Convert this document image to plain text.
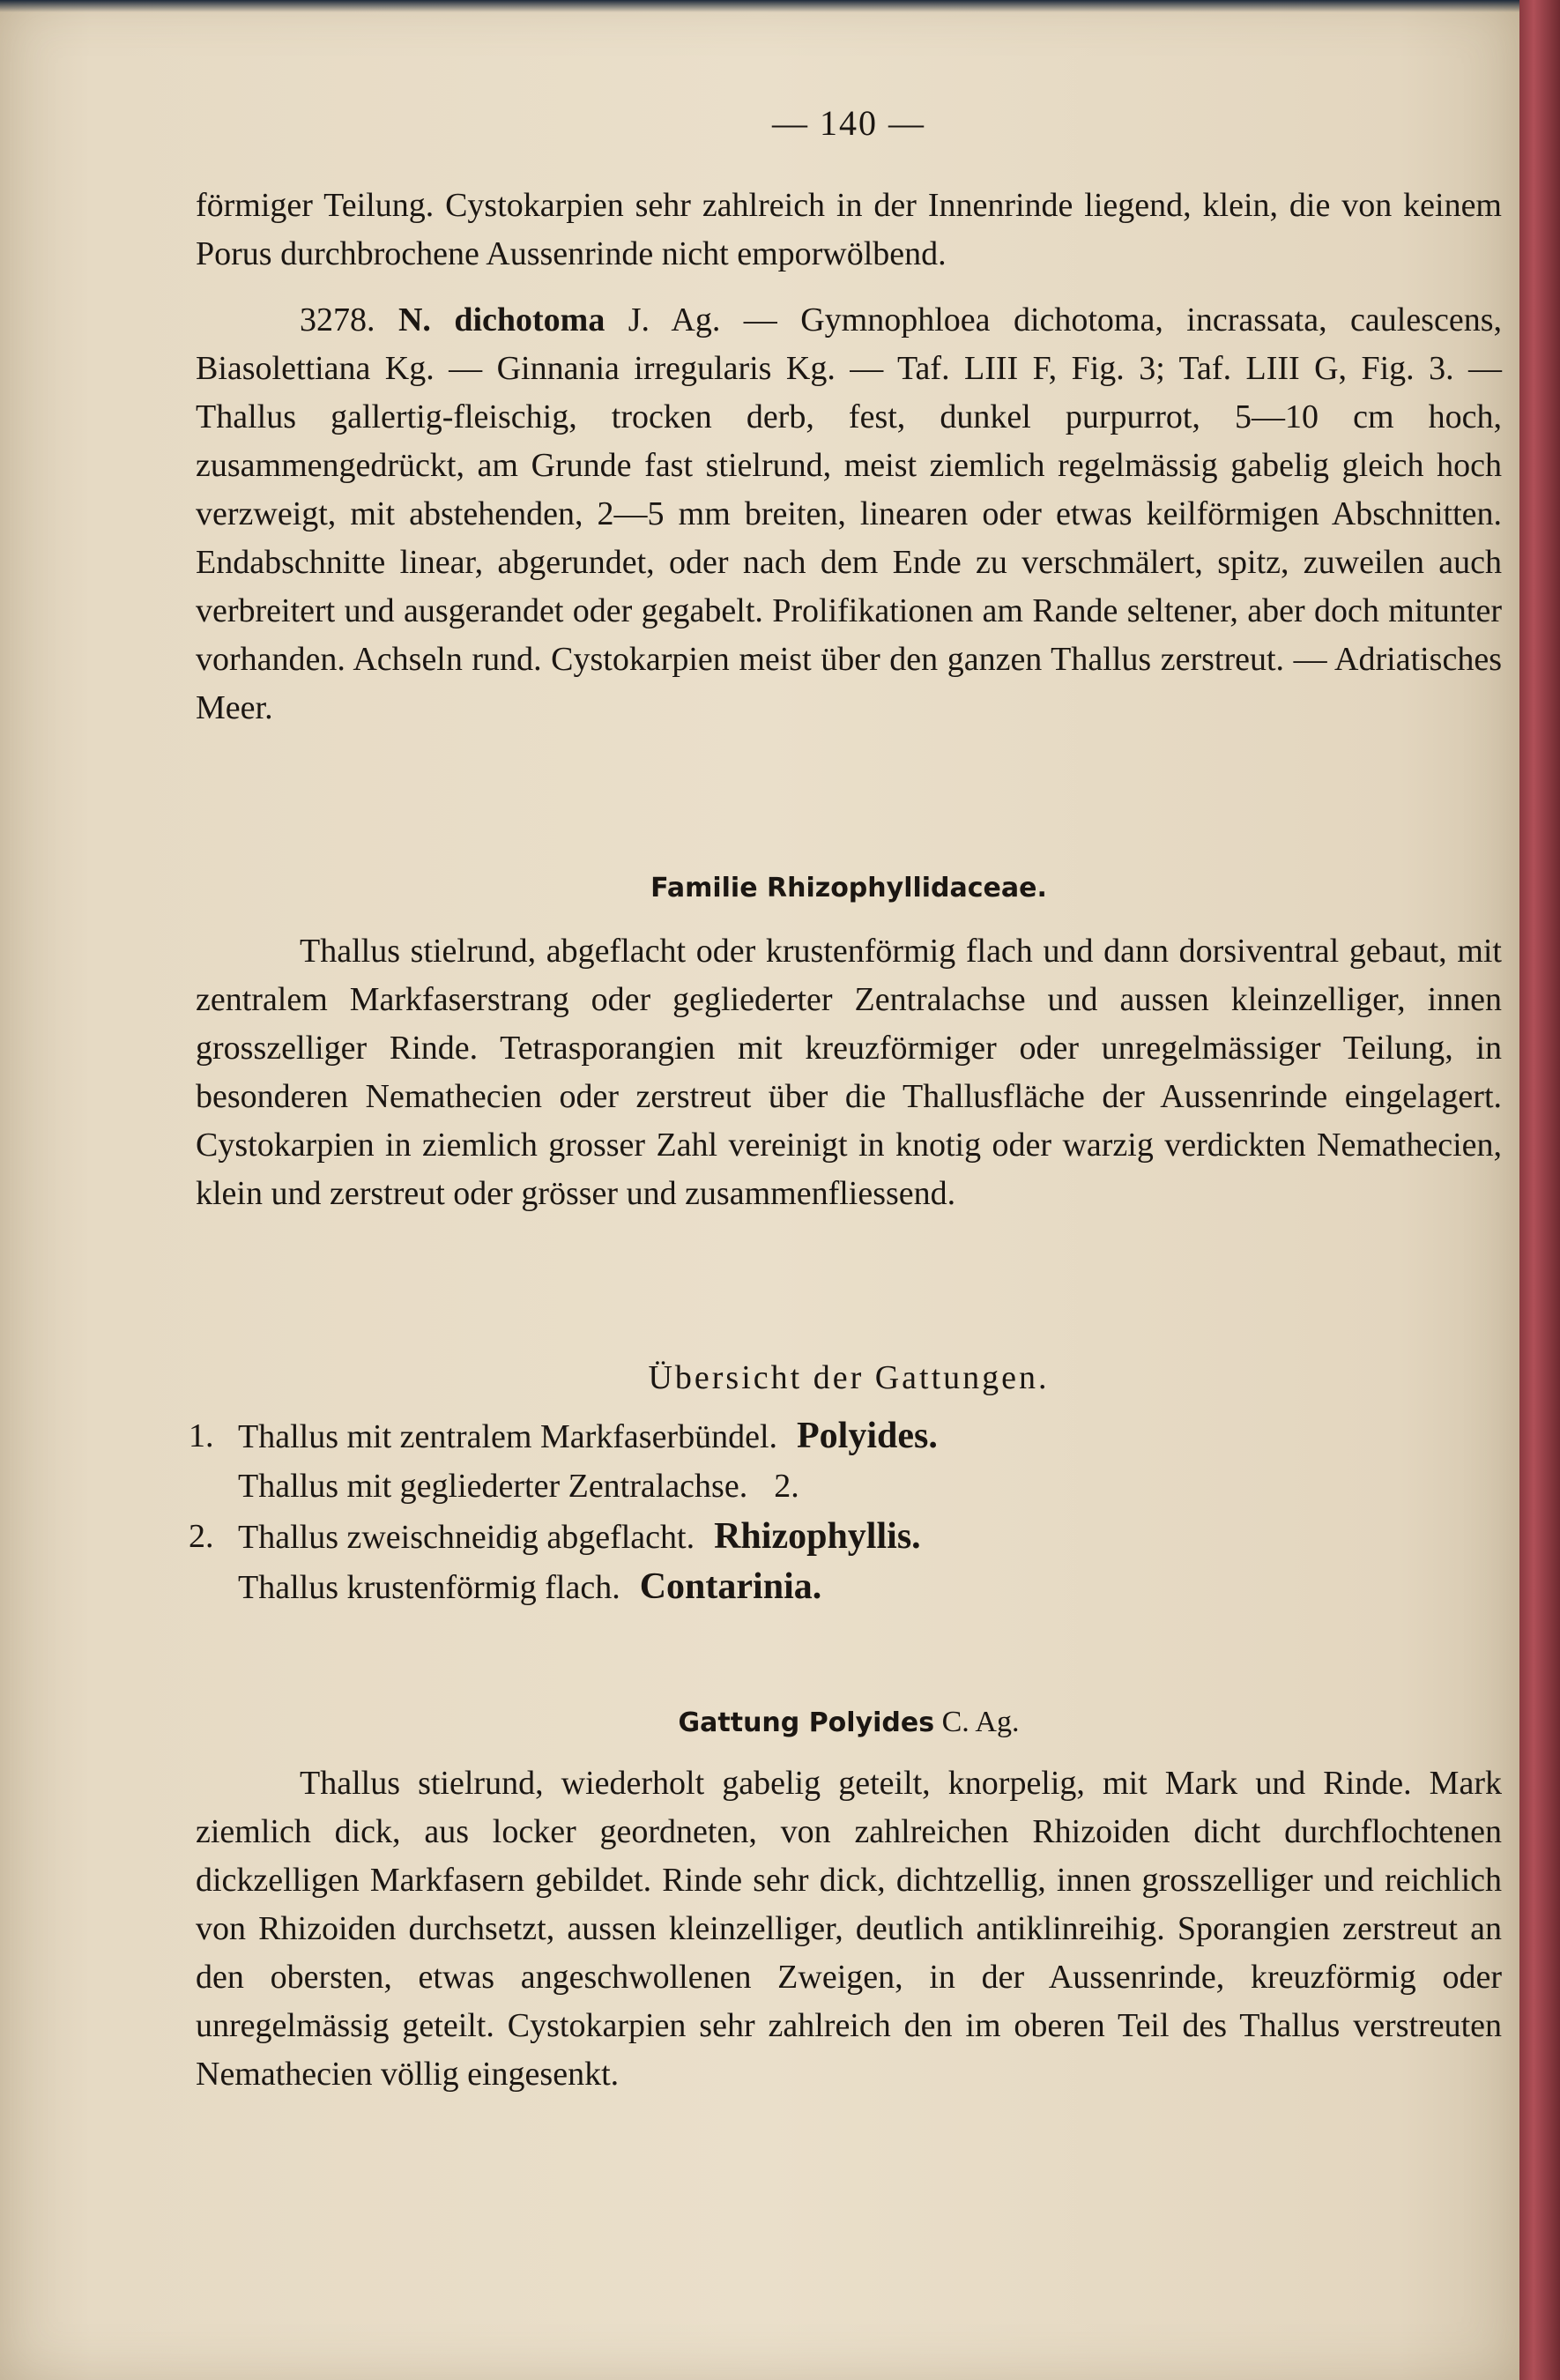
— 140 —

förmiger Teilung. Cystokarpien sehr zahlreich in der Innenrinde liegend, klein, die von keinem Porus durchbrochene Aussenrinde nicht emporwölbend.

3278. N. dichotoma J. Ag. — Gymnophloea dichotoma, incrassata, caulescens, Biasolettiana Kg. — Ginnania irregularis Kg. — Taf. LIII F, Fig. 3; Taf. LIII G, Fig. 3. — Thallus gallertig-fleischig, trocken derb, fest, dunkel purpurrot, 5—10 cm hoch, zusammengedrückt, am Grunde fast stielrund, meist ziemlich regelmässig gabelig gleich hoch verzweigt, mit abstehenden, 2—5 mm breiten, linearen oder etwas keilförmigen Abschnitten. Endabschnitte linear, abgerundet, oder nach dem Ende zu verschmälert, spitz, zuweilen auch verbreitert und ausgerandet oder gegabelt. Prolifikationen am Rande seltener, aber doch mitunter vorhanden. Achseln rund. Cystokarpien meist über den ganzen Thallus zerstreut. — Adriatisches Meer.

Familie Rhizophyllidaceae.

Thallus stielrund, abgeflacht oder krustenförmig flach und dann dorsiventral gebaut, mit zentralem Markfaserstrang oder gegliederter Zentralachse und aussen kleinzelliger, innen grosszelliger Rinde. Tetrasporangien mit kreuzförmiger oder unregelmässiger Teilung, in besonderen Nemathecien oder zerstreut über die Thallusfläche der Aussenrinde eingelagert. Cystokarpien in ziemlich grosser Zahl vereinigt in knotig oder warzig verdickten Nemathecien, klein und zerstreut oder grösser und zusammenfliessend.

Übersicht der Gattungen.
1. Thallus mit zentralem Markfaserbündel. Polyides.
Thallus mit gegliederter Zentralachse. 2.
2. Thallus zweischneidig abgeflacht. Rhizophyllis.
Thallus krustenförmig flach. Contarinia.
Gattung Polyides C. Ag.

Thallus stielrund, wiederholt gabelig geteilt, knorpelig, mit Mark und Rinde. Mark ziemlich dick, aus locker geordneten, von zahlreichen Rhizoiden dicht durchflochtenen dickzelligen Markfasern gebildet. Rinde sehr dick, dichtzellig, innen grosszelliger und reichlich von Rhizoiden durchsetzt, aussen kleinzelliger, deutlich antiklinreihig. Sporangien zerstreut an den obersten, etwas angeschwollenen Zweigen, in der Aussenrinde, kreuzförmig oder unregelmässig geteilt. Cystokarpien sehr zahlreich den im oberen Teil des Thallus verstreuten Nemathecien völlig eingesenkt.
